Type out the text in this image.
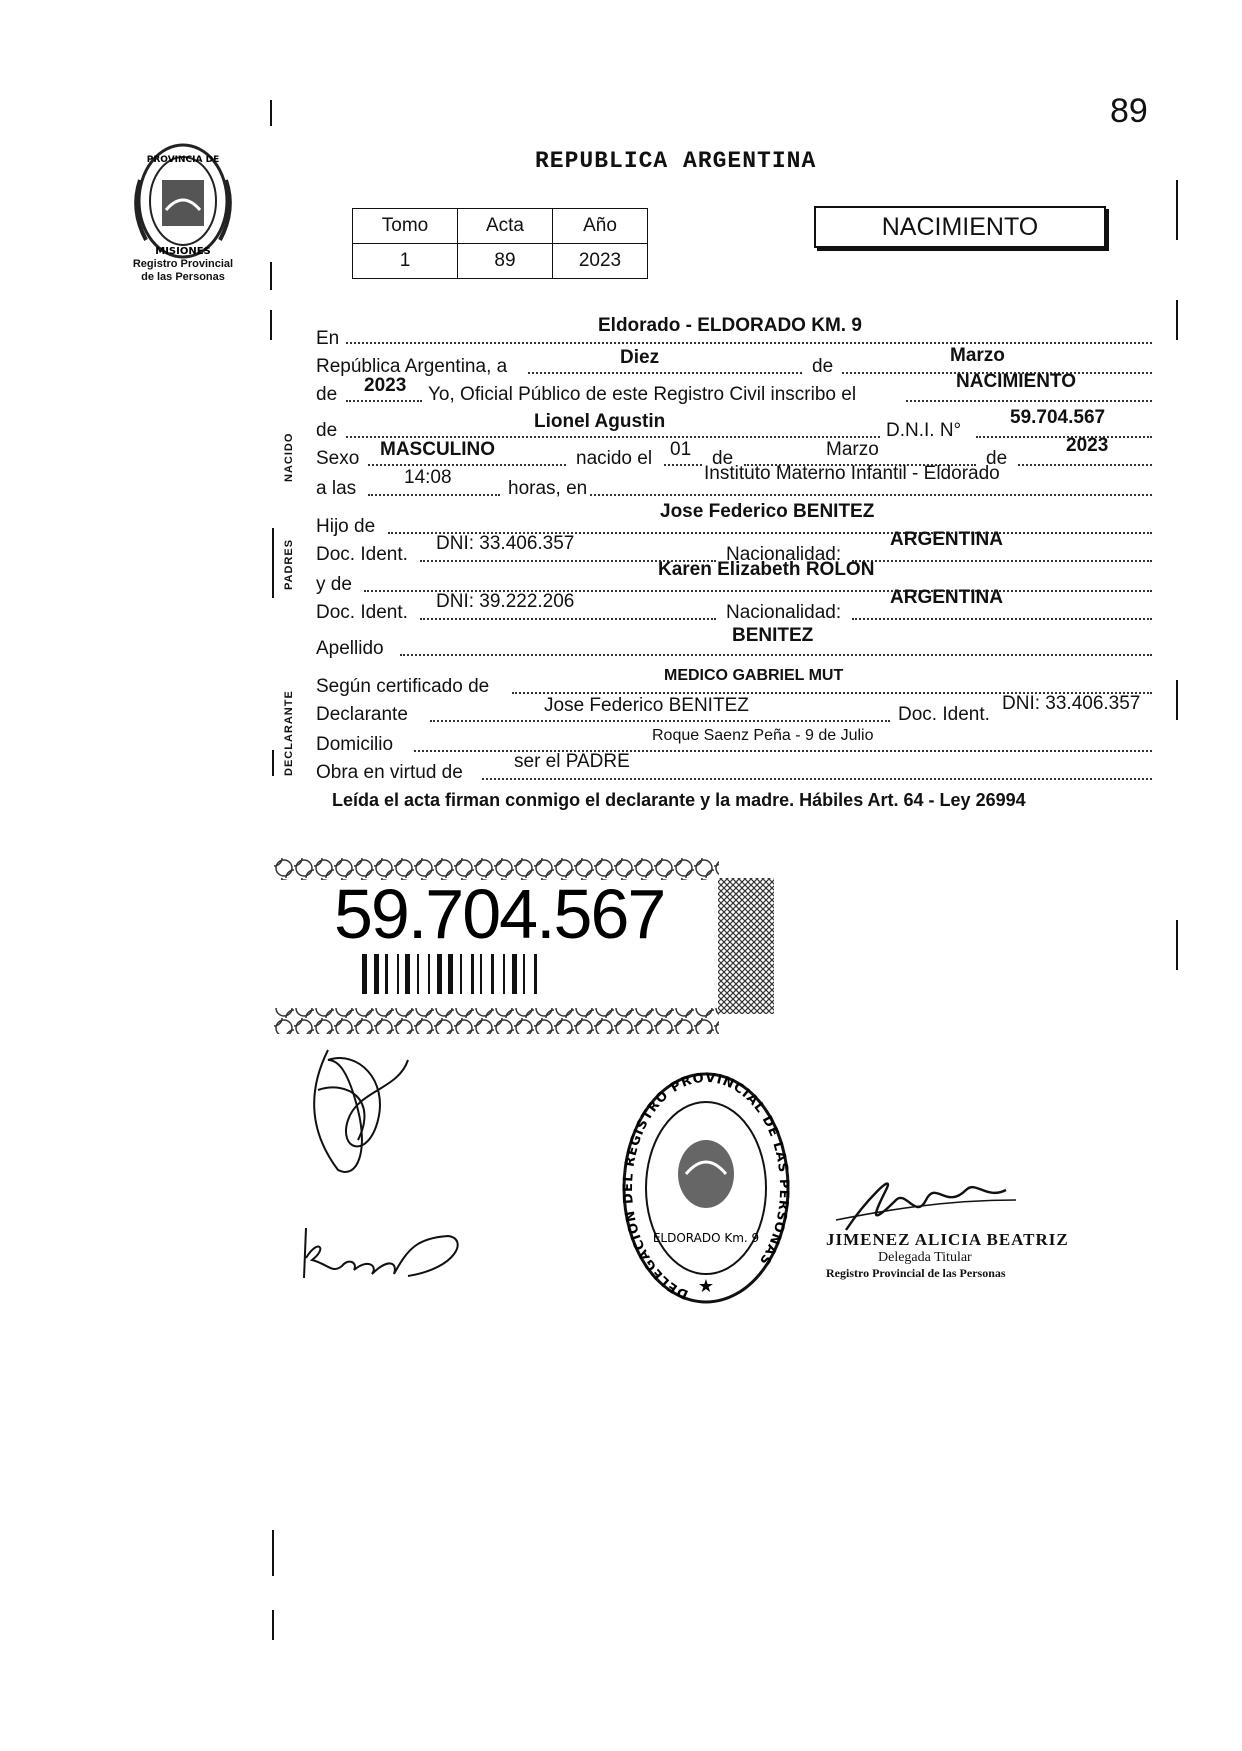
89
PROVINCIA DE
MISIONES
Registro Provincial
de las Personas
REPUBLICA ARGENTINA
Tomo	Acta	Año
1	89	2023
NACIMIENTO
NACIDO
PADRES
DECLARANTE
En
Eldorado - ELDORADO KM. 9
República Argentina, a	Diez	de
Marzo
de 2023 Yo, Oficial Público de este Registro Civil inscribo el
NACIMIENTO
de	Lionel Agustin	D.N.I. N°
59.704.567
Sexo MASCULINO	nacido el 01 de	Marzo	de
2023
a las
14:08
horas, en
Instituto Materno Infantil - Eldorado
Hijo de
Jose Federico BENITEZ
Doc. Ident.
DNI: 33.406.357
Nacionalidad:
ARGENTINA
y de
Karen Elizabeth ROLON
Doc. Ident.
DNI: 39.222.206
Nacionalidad:
ARGENTINA
Apellido
BENITEZ
Según certificado de
MEDICO GABRIEL MUT
Declarante	Jose Federico BENITEZ	Doc. Ident.
DNI: 33.406.357
Domicilio	Roque Saenz Peña - 9 de Julio
Obra en virtud de
ser el PADRE
Leída el acta firman conmigo el declarante y la madre. Hábiles Art. 64 - Ley 26994
59.704.567
DELEGACION DEL REGISTRO PROVINCIAL DE LAS PERSONAS
ELDORADO Km. 9
★
JIMENEZ ALICIA BEATRIZ
Delegada Titular
Registro Provincial de las Personas
